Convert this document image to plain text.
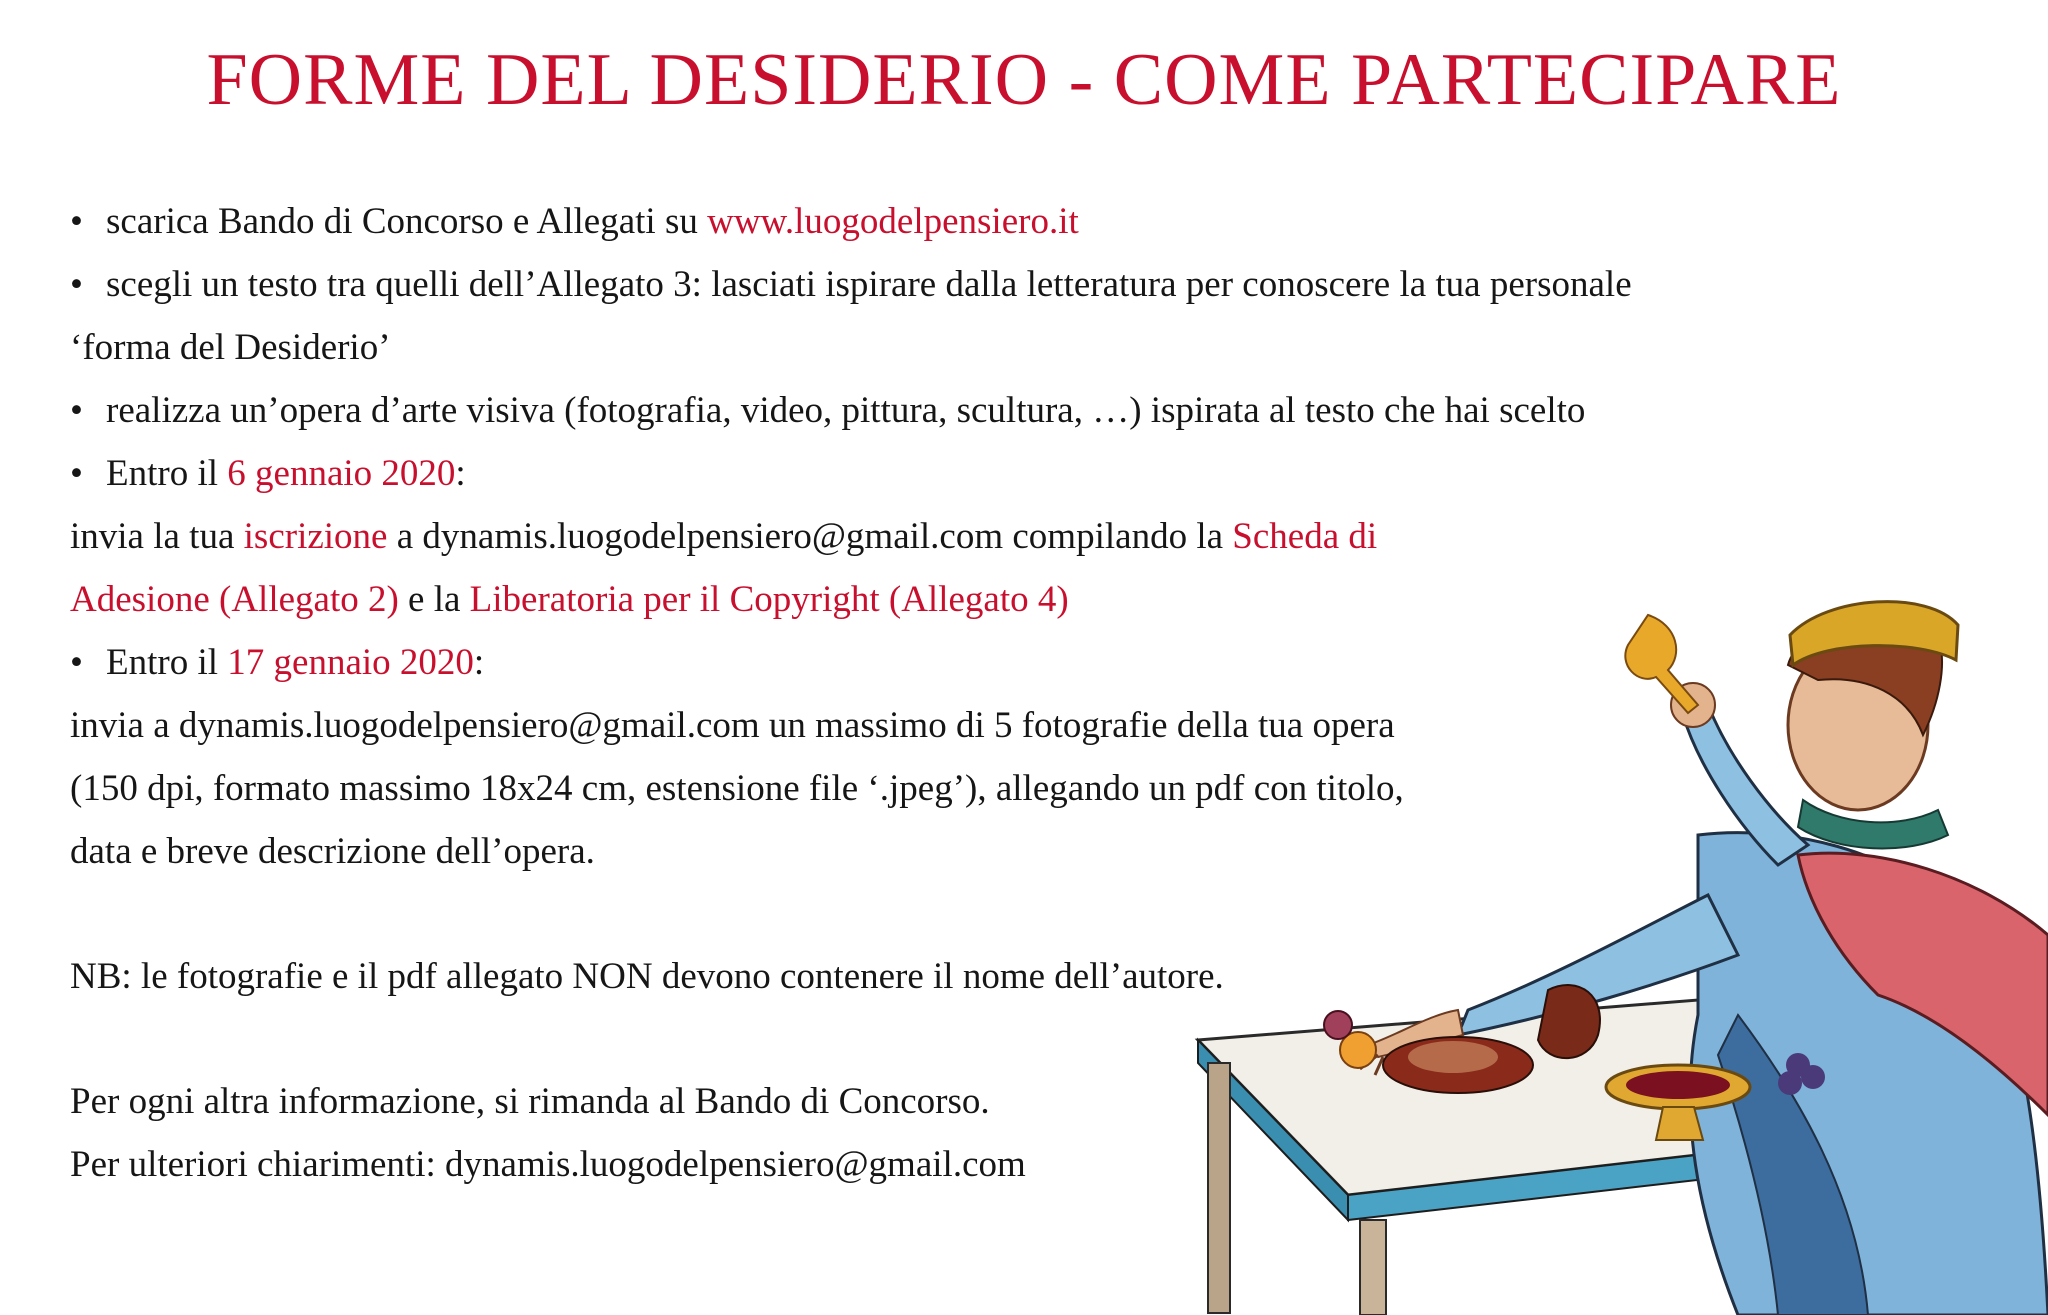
FORME DEL DESIDERIO - COME PARTECIPARE
• scarica Bando di Concorso e Allegati su www.luogodelpensiero.it
• scegli un testo tra quelli dell’Allegato 3: lasciati ispirare dalla letteratura per conoscere la tua personale
‘forma del Desiderio’
• realizza un’opera d’arte visiva (fotografia, video, pittura, scultura, …) ispirata al testo che hai scelto
• Entro il 6 gennaio 2020:
invia la tua iscrizione a dynamis.luogodelpensiero@gmail.com compilando la Scheda di
Adesione (Allegato 2) e la Liberatoria per il Copyright (Allegato 4)
• Entro il 17 gennaio 2020:
invia a dynamis.luogodelpensiero@gmail.com un massimo di 5 fotografie della tua opera
(150 dpi, formato massimo 18x24 cm, estensione file ‘.jpeg’), allegando un pdf con titolo,
data e breve descrizione dell’opera.
NB: le fotografie e il pdf allegato NON devono contenere il nome dell’autore.
Per ogni altra informazione, si rimanda al Bando di Concorso.
Per ulteriori chiarimenti: dynamis.luogodelpensiero@gmail.com
